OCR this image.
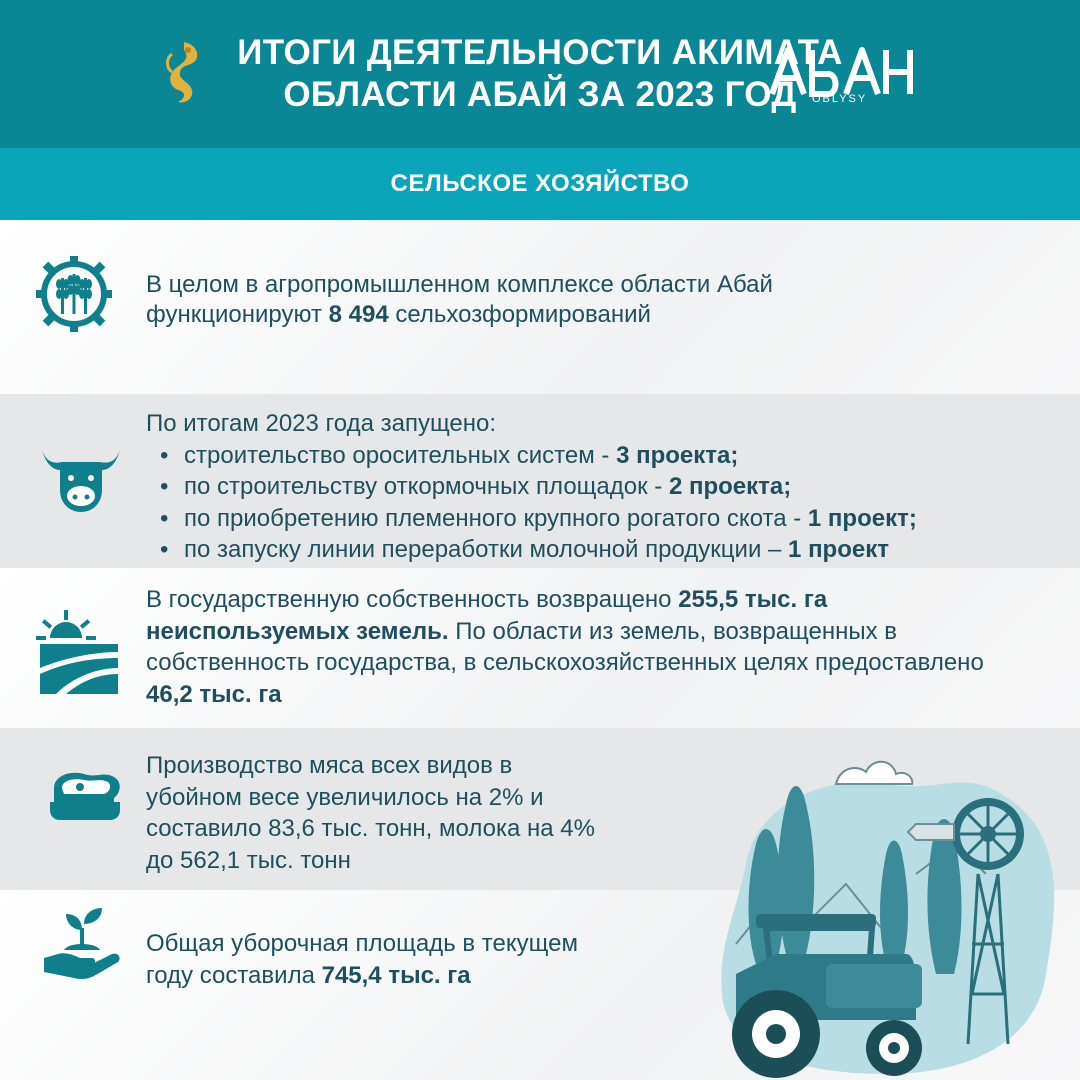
ИТОГИ ДЕЯТЕЛЬНОСТИ АКИМАТА
ОБЛАСТИ АБАЙ ЗА 2023 ГОД	OBLYSY
СЕЛЬСКОЕ ХОЗЯЙСТВО
В целом в агропромышленном комплексе области Абай функционируют 8 494 сельхозформирований
По итогам 2023 года запущено:
• строительство оросительных систем - 3 проекта;
• по строительству откормочных площадок - 2 проекта;
• по приобретению племенного крупного рогатого скота - 1 проект;
• по запуску линии переработки молочной продукции – 1 проект
В государственную собственность возвращено 255,5 тыс. га неиспользуемых земель. По области из земель, возвращенных в собственность государства, в сельскохозяйственных целях предоставлено 46,2 тыс. га
Производство мяса всех видов в
убойном весе увеличилось на 2% и
составило 83,6 тыс. тонн, молока на 4%
до 562,1 тыс. тонн
Общая уборочная площадь в текущем
году составила 745,4 тыс. га
